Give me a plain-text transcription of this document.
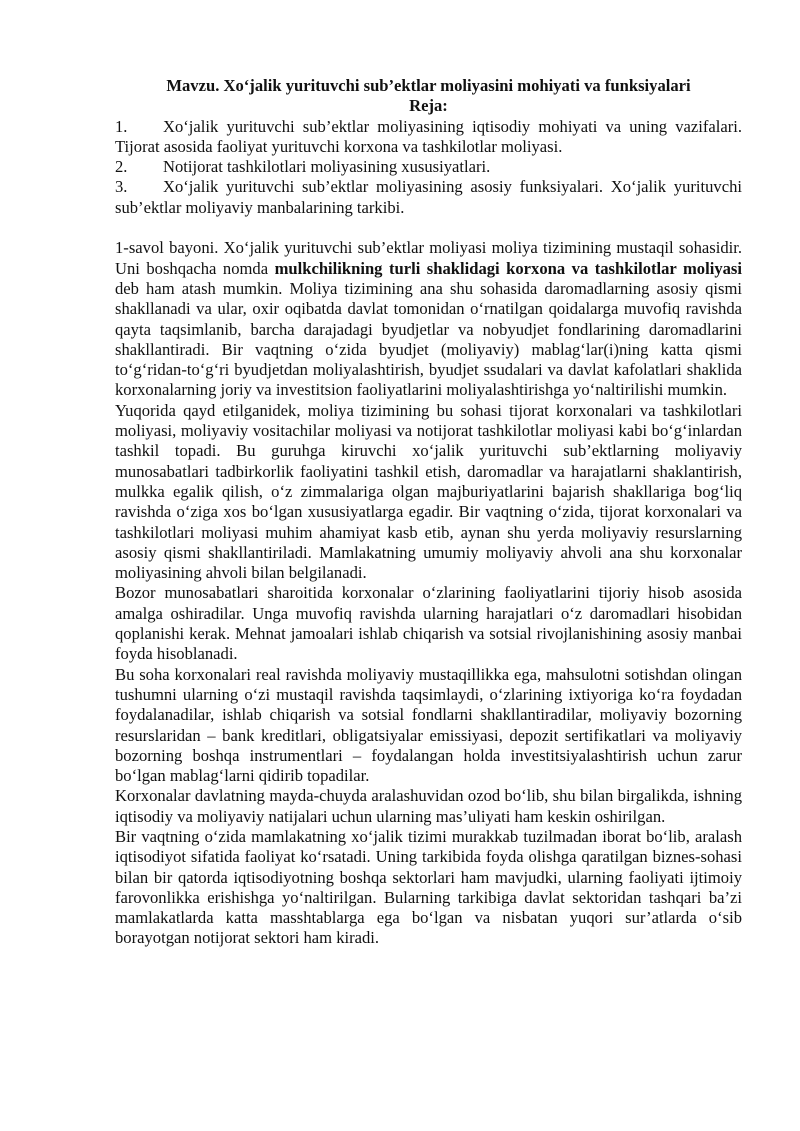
Mavzu. Xo‘jalik yurituvchi sub’ektlar moliyasini mohiyati va funksiyalari

Reja:

1. Xo‘jalik yurituvchi sub’ektlar moliyasining iqtisodiy mohiyati va uning vazifalari. Tijorat asosida faoliyat yurituvchi korxona va tashkilotlar moliyasi.

2. Notijorat tashkilotlari moliyasining xususiyatlari.

3. Xo‘jalik yurituvchi sub’ektlar moliyasining asosiy funksiyalari. Xo‘jalik yurituvchi sub’ektlar moliyaviy manbalarining tarkibi.

1-savol bayoni. Xo‘jalik yurituvchi sub’ektlar moliyasi moliya tizimining mustaqil sohasidir. Uni boshqacha nomda mulkchilikning turli shaklidagi korxona va tashkilotlar moliyasi deb ham atash mumkin. Moliya tizimining ana shu sohasida daromadlarning asosiy qismi shakllanadi va ular, oxir oqibatda davlat tomonidan o‘rnatilgan qoidalarga muvofiq ravishda qayta taqsimlanib, barcha darajadagi byudjetlar va nobyudjet fondlarining daromadlarini shakllantiradi. Bir vaqtning o‘zida byudjet (moliyaviy) mablag‘lar(i)ning katta qismi to‘g‘ridan-to‘g‘ri byudjetdan moliyalashtirish, byudjet ssudalari va davlat kafolatlari shaklida korxonalarning joriy va investitsion faoliyatlarini moliyalashtirishga yo‘naltirilishi mumkin.

Yuqorida qayd etilganidek, moliya tizimining bu sohasi tijorat korxonalari va tashkilotlari moliyasi, moliyaviy vositachilar moliyasi va notijorat tashkilotlar moliyasi kabi bo‘g‘inlardan tashkil topadi. Bu guruhga kiruvchi xo‘jalik yurituvchi sub’ektlarning moliyaviy munosabatlari tadbirkorlik faoliyatini tashkil etish, daromadlar va harajatlarni shaklantirish, mulkka egalik qilish, o‘z zimmalariga olgan majburiyatlarini bajarish shakllariga bog‘liq ravishda o‘ziga xos bo‘lgan xususiyatlarga egadir. Bir vaqtning o‘zida, tijorat korxonalari va tashkilotlari moliyasi muhim ahamiyat kasb etib, aynan shu yerda moliyaviy resurslarning asosiy qismi shakllantiriladi. Mamlakatning umumiy moliyaviy ahvoli ana shu korxonalar moliyasining ahvoli bilan belgilanadi.

Bozor munosabatlari sharoitida korxonalar o‘zlarining faoliyatlarini tijoriy hisob asosida amalga oshiradilar. Unga muvofiq ravishda ularning harajatlari o‘z daromadlari hisobidan qoplanishi kerak. Mehnat jamoalari ishlab chiqarish va sotsial rivojlanishining asosiy manbai foyda hisoblanadi.

Bu soha korxonalari real ravishda moliyaviy mustaqillikka ega, mahsulotni sotishdan olingan tushumni ularning o‘zi mustaqil ravishda taqsimlaydi, o‘zlarining ixtiyoriga ko‘ra foydadan foydalanadilar, ishlab chiqarish va sotsial fondlarni shakllantiradilar, moliyaviy bozorning resurslaridan – bank kreditlari, obligatsiyalar emissiyasi, depozit sertifikatlari va moliyaviy bozorning boshqa instrumentlari – foydalangan holda investitsiyalashtirish uchun zarur bo‘lgan mablag‘larni qidirib topadilar.

Korxonalar davlatning mayda-chuyda aralashuvidan ozod bo‘lib, shu bilan birgalikda, ishning iqtisodiy va moliyaviy natijalari uchun ularning mas’uliyati ham keskin oshirilgan.

Bir vaqtning o‘zida mamlakatning xo‘jalik tizimi murakkab tuzilmadan iborat bo‘lib, aralash iqtisodiyot sifatida faoliyat ko‘rsatadi. Uning tarkibida foyda olishga qaratilgan biznes-sohasi bilan bir qatorda iqtisodiyotning boshqa sektorlari ham mavjudki, ularning faoliyati ijtimoiy farovonlikka erishishga yo‘naltirilgan. Bularning tarkibiga davlat sektoridan tashqari ba’zi mamlakatlarda katta masshtablarga ega bo‘lgan va nisbatan yuqori sur’atlarda o‘sib borayotgan notijorat sektori ham kiradi.
